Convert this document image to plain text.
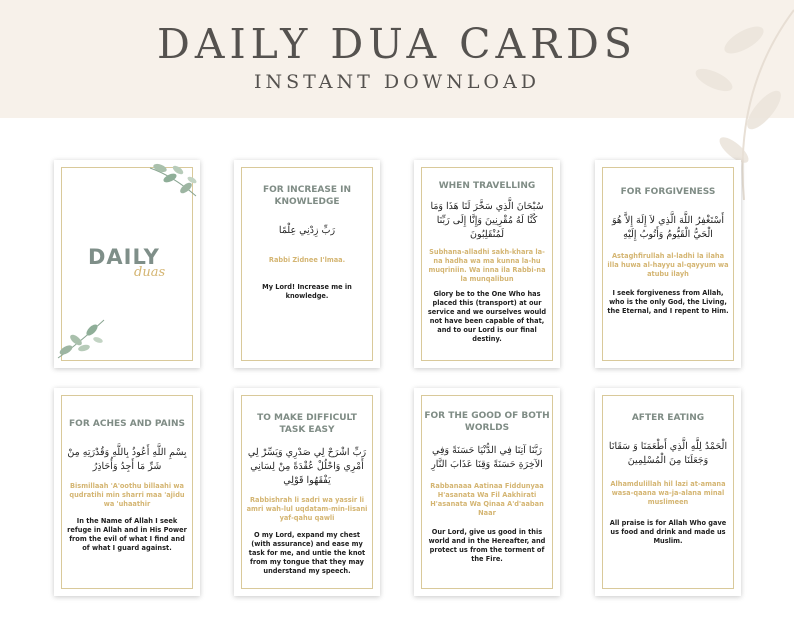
DAILY DUA CARDS
INSTANT DOWNLOAD
DAILY
duas
FOR INCREASE IN KNOWLEDGE
رَبِّ زِدْنِي عِلْمًا
Rabbi Zidnee I'lmaa.
My Lord! Increase me in knowledge.
WHEN TRAVELLING
سُبْحَانَ الَّذِي سَخَّرَ لَنَا هَذَا وَمَا كُنَّا لَهُ مُقْرِنِينَ وَإِنَّا إِلَى رَبِّنَا لَمُنْقَلِبُونَ
Subhana-alladhi sakh-khara la-na hadha wa ma kunna la-hu muqriniin. Wa inna ila Rabbi-na la munqalibun
Glory be to the One Who has placed this (transport) at our service and we ourselves would not have been capable of that, and to our Lord is our final destiny.
FOR FORGIVENESS
أَسْتَغْفِرُ اللَّهَ الَّذِي لاَ إِلَهَ إِلاَّ هُوَ الْحَيُّ الْقَيُّومُ وَأَتُوبُ إِلَيْهِ
Astaghfirullah al-ladhi la ilaha illa huwa al-hayyu al-qayyum wa atubu ilayh
I seek forgiveness from Allah, who is the only God, the Living, the Eternal, and I repent to Him.
FOR ACHES AND PAINS
بِسْمِ اللَّهِ أَعُوذُ بِاللَّهِ وَقُدْرَتِهِ مِنْ شَرِّ مَا أَجِدُ وَأُحَاذِرُ
Bismillaah 'A'oothu billaahi wa qudratihi min sharri maa 'ajidu wa 'uhaathir
In the Name of Allah I seek refuge in Allah and in His Power from the evil of what I find and of what I guard against.
TO MAKE DIFFICULT TASK EASY
رَبِّ اشْرَحْ لِي صَدْرِي وَيَسِّرْ لِي أَمْرِي وَاحْلُلْ عُقْدَةً مِنْ لِسَانِي يَفْقَهُوا قَوْلِي
Rabbishrah li sadri wa yassir li amri wah-lul uqdatam-min-lisani yaf-qahu qawli
O my Lord, expand my chest (with assurance) and ease my task for me, and untie the knot from my tongue that they may understand my speech.
FOR THE GOOD OF BOTH WORLDS
رَبَّنَا آتِنَا فِي الدُّنْيَا حَسَنَةً وَفِي الآخِرَةِ حَسَنَةً وَقِنَا عَذَابَ النَّارِ
Rabbanaaa Aatinaa Fiddunyaa H'asanata Wa Fil Aakhirati H'asanata Wa Qinaa A'd'aaban Naar
Our Lord, give us good in this world and in the Hereafter, and protect us from the torment of the Fire.
AFTER EATING
الْحَمْدُ لِلَّهِ الَّذِي أَطْعَمَنَا وَ سَقَانَا وَجَعَلَنَا مِنَ الْمُسْلِمِينَ
Alhamdulillah hil lazi at-amana wasa-qaana wa-ja-alana minal muslimeen
All praise is for Allah Who gave us food and drink and made us Muslim.
